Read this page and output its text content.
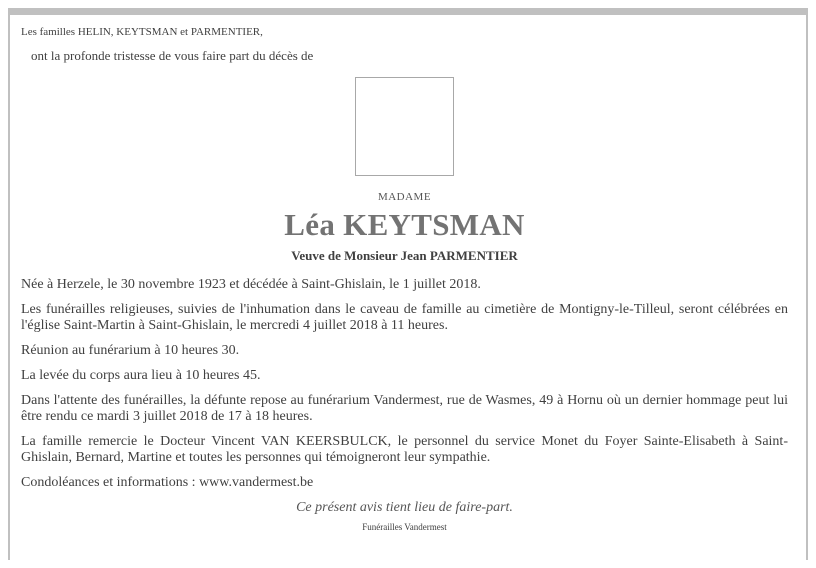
Les familles HELIN, KEYTSMAN et PARMENTIER,

ont la profonde tristesse de vous faire part du décès de

MADAME
Léa KEYTSMAN
Veuve de Monsieur Jean PARMENTIER

Née à Herzele, le 30 novembre 1923 et décédée à Saint-Ghislain, le 1 juillet 2018.

Les funérailles religieuses, suivies de l'inhumation dans le caveau de famille au cimetière de Montigny-le-Tilleul, seront célébrées en l'église Saint-Martin à Saint-Ghislain, le mercredi 4 juillet 2018 à 11 heures.

Réunion au funérarium à 10 heures 30.

La levée du corps aura lieu à 10 heures 45.

Dans l'attente des funérailles, la défunte repose au funérarium Vandermest, rue de Wasmes, 49 à Hornu où un dernier hommage peut lui être rendu ce mardi 3 juillet 2018 de 17 à 18 heures.

La famille remercie le Docteur Vincent VAN KEERSBULCK, le personnel du service Monet du Foyer Sainte-Elisabeth à Saint-Ghislain, Bernard, Martine et toutes les personnes qui témoigneront leur sympathie.

Condoléances et informations : www.vandermest.be

Ce présent avis tient lieu de faire-part.
Funérailles Vandermest
